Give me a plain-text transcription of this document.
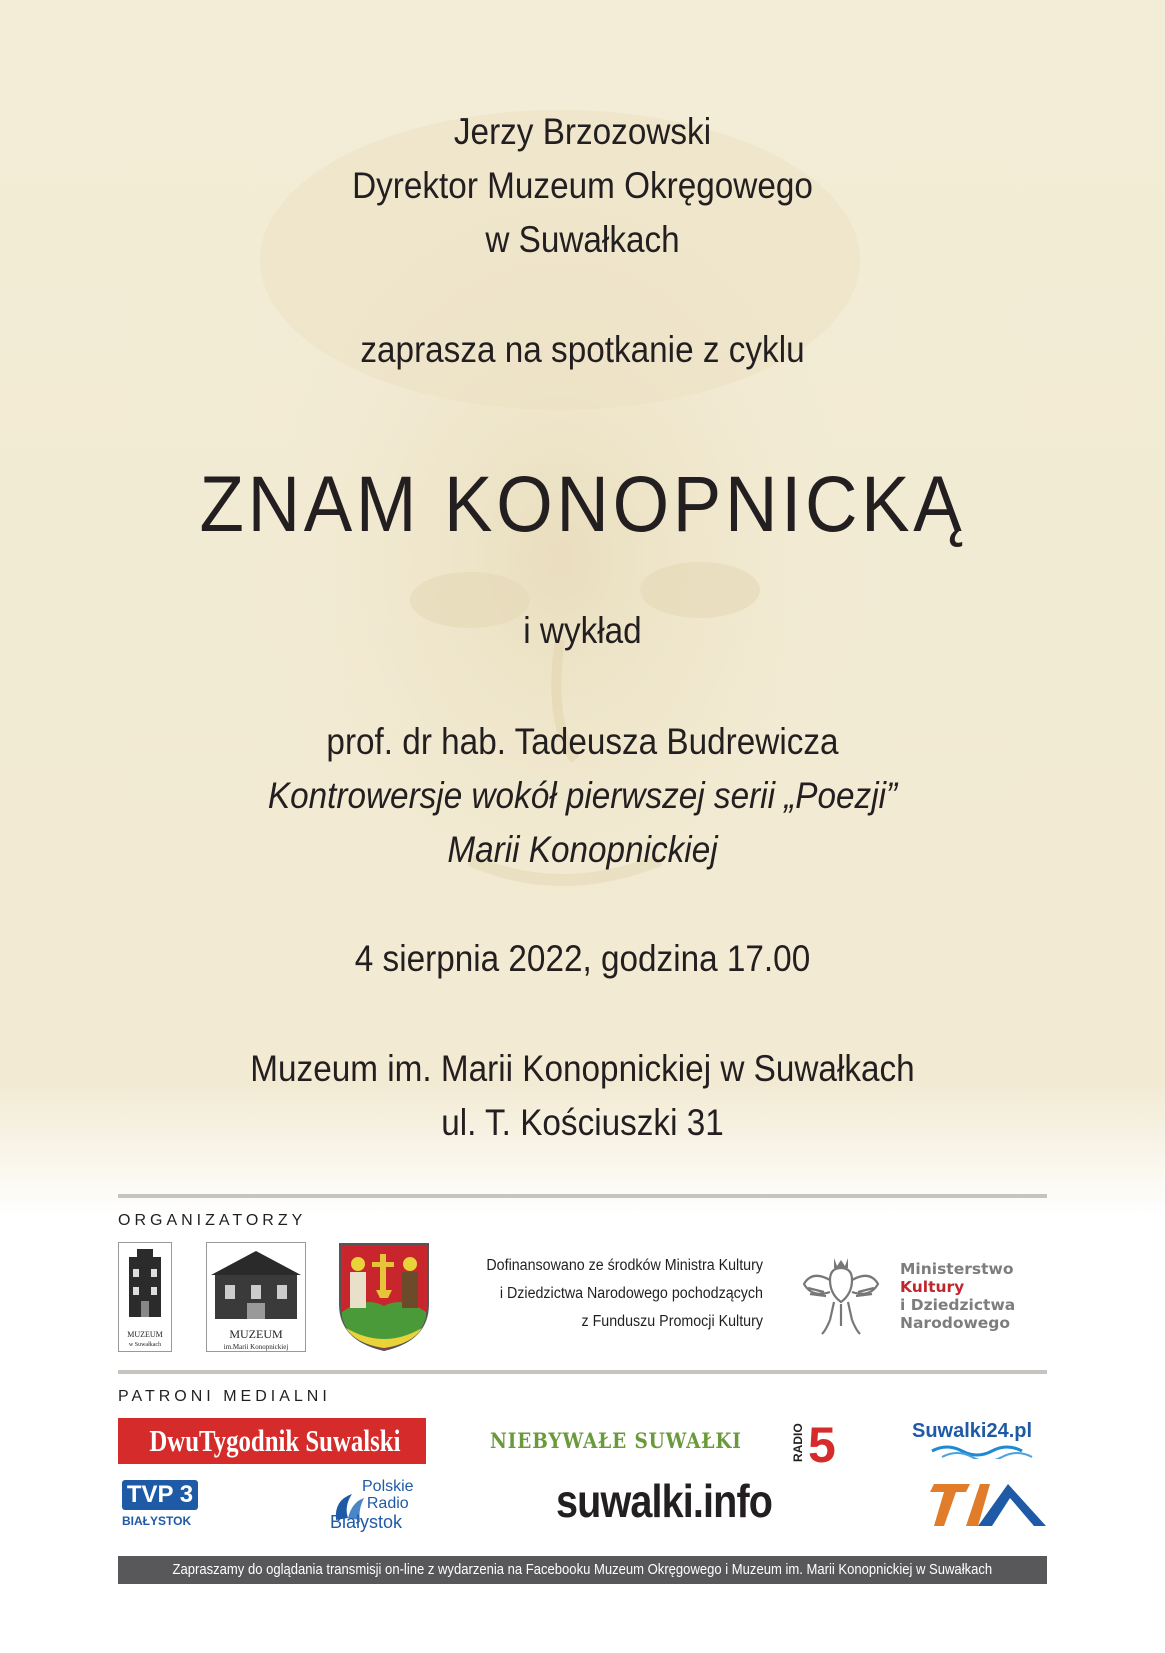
Jerzy Brzozowski
Dyrektor Muzeum Okręgowego
w Suwałkach
zaprasza na spotkanie z cyklu
ZNAM KONOPNICKĄ
i wykład
prof. dr hab. Tadeusza Budrewicza
Kontrowersje wokół pierwszej serii „Poezji”
Marii Konopnickiej
4 sierpnia 2022, godzina 17.00
Muzeum im. Marii Konopnickiej w Suwałkach
ul. T. Kościuszki 31
ORGANIZATORZY
MUZEUM
w Suwałkach
MUZEUM
im.Marii Konopnickiej
Dofinansowano ze środków Ministra Kultury
i Dziedzictwa Narodowego pochodzących
z Funduszu Promocji Kultury
Ministerstwo
Kultury
i Dziedzictwa
Narodowego
PATRONI MEDIALNI
DwuTygodnik Suwalski	NIEBYWAŁE SUWAŁKI	RADIO 5	Suwalki24.pl
TVP 3
BIAŁYSTOK
Polskie
Radio
Białystok	suwalki.info
Zapraszamy do oglądania transmisji on-line z wydarzenia na Facebooku Muzeum Okręgowego i Muzeum im. Marii Konopnickiej w Suwałkach
